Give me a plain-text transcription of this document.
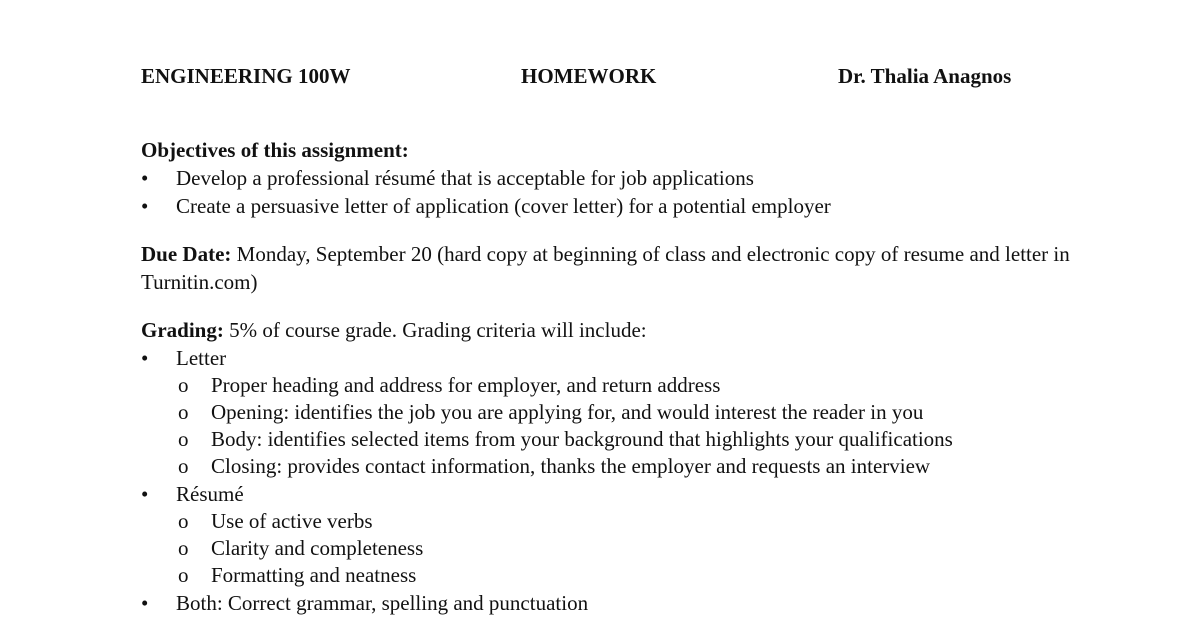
ENGINEERING 100W	HOMEWORK	Dr. Thalia Anagnos
Objectives of this assignment:
• Develop a professional résumé that is acceptable for job applications
• Create a persuasive letter of application (cover letter) for a potential employer

Due Date: Monday, September 20 (hard copy at beginning of class and electronic copy of resume and letter in Turnitin.com)

Grading: 5% of course grade. Grading criteria will include:

• Letter
o Proper heading and address for employer, and return address
o Opening: identifies the job you are applying for, and would interest the reader in you
o Body: identifies selected items from your background that highlights your qualifications
o Closing: provides contact information, thanks the employer and requests an interview
• Résumé
o Use of active verbs
o Clarity and completeness
o Formatting and neatness
• Both: Correct grammar, spelling and punctuation
